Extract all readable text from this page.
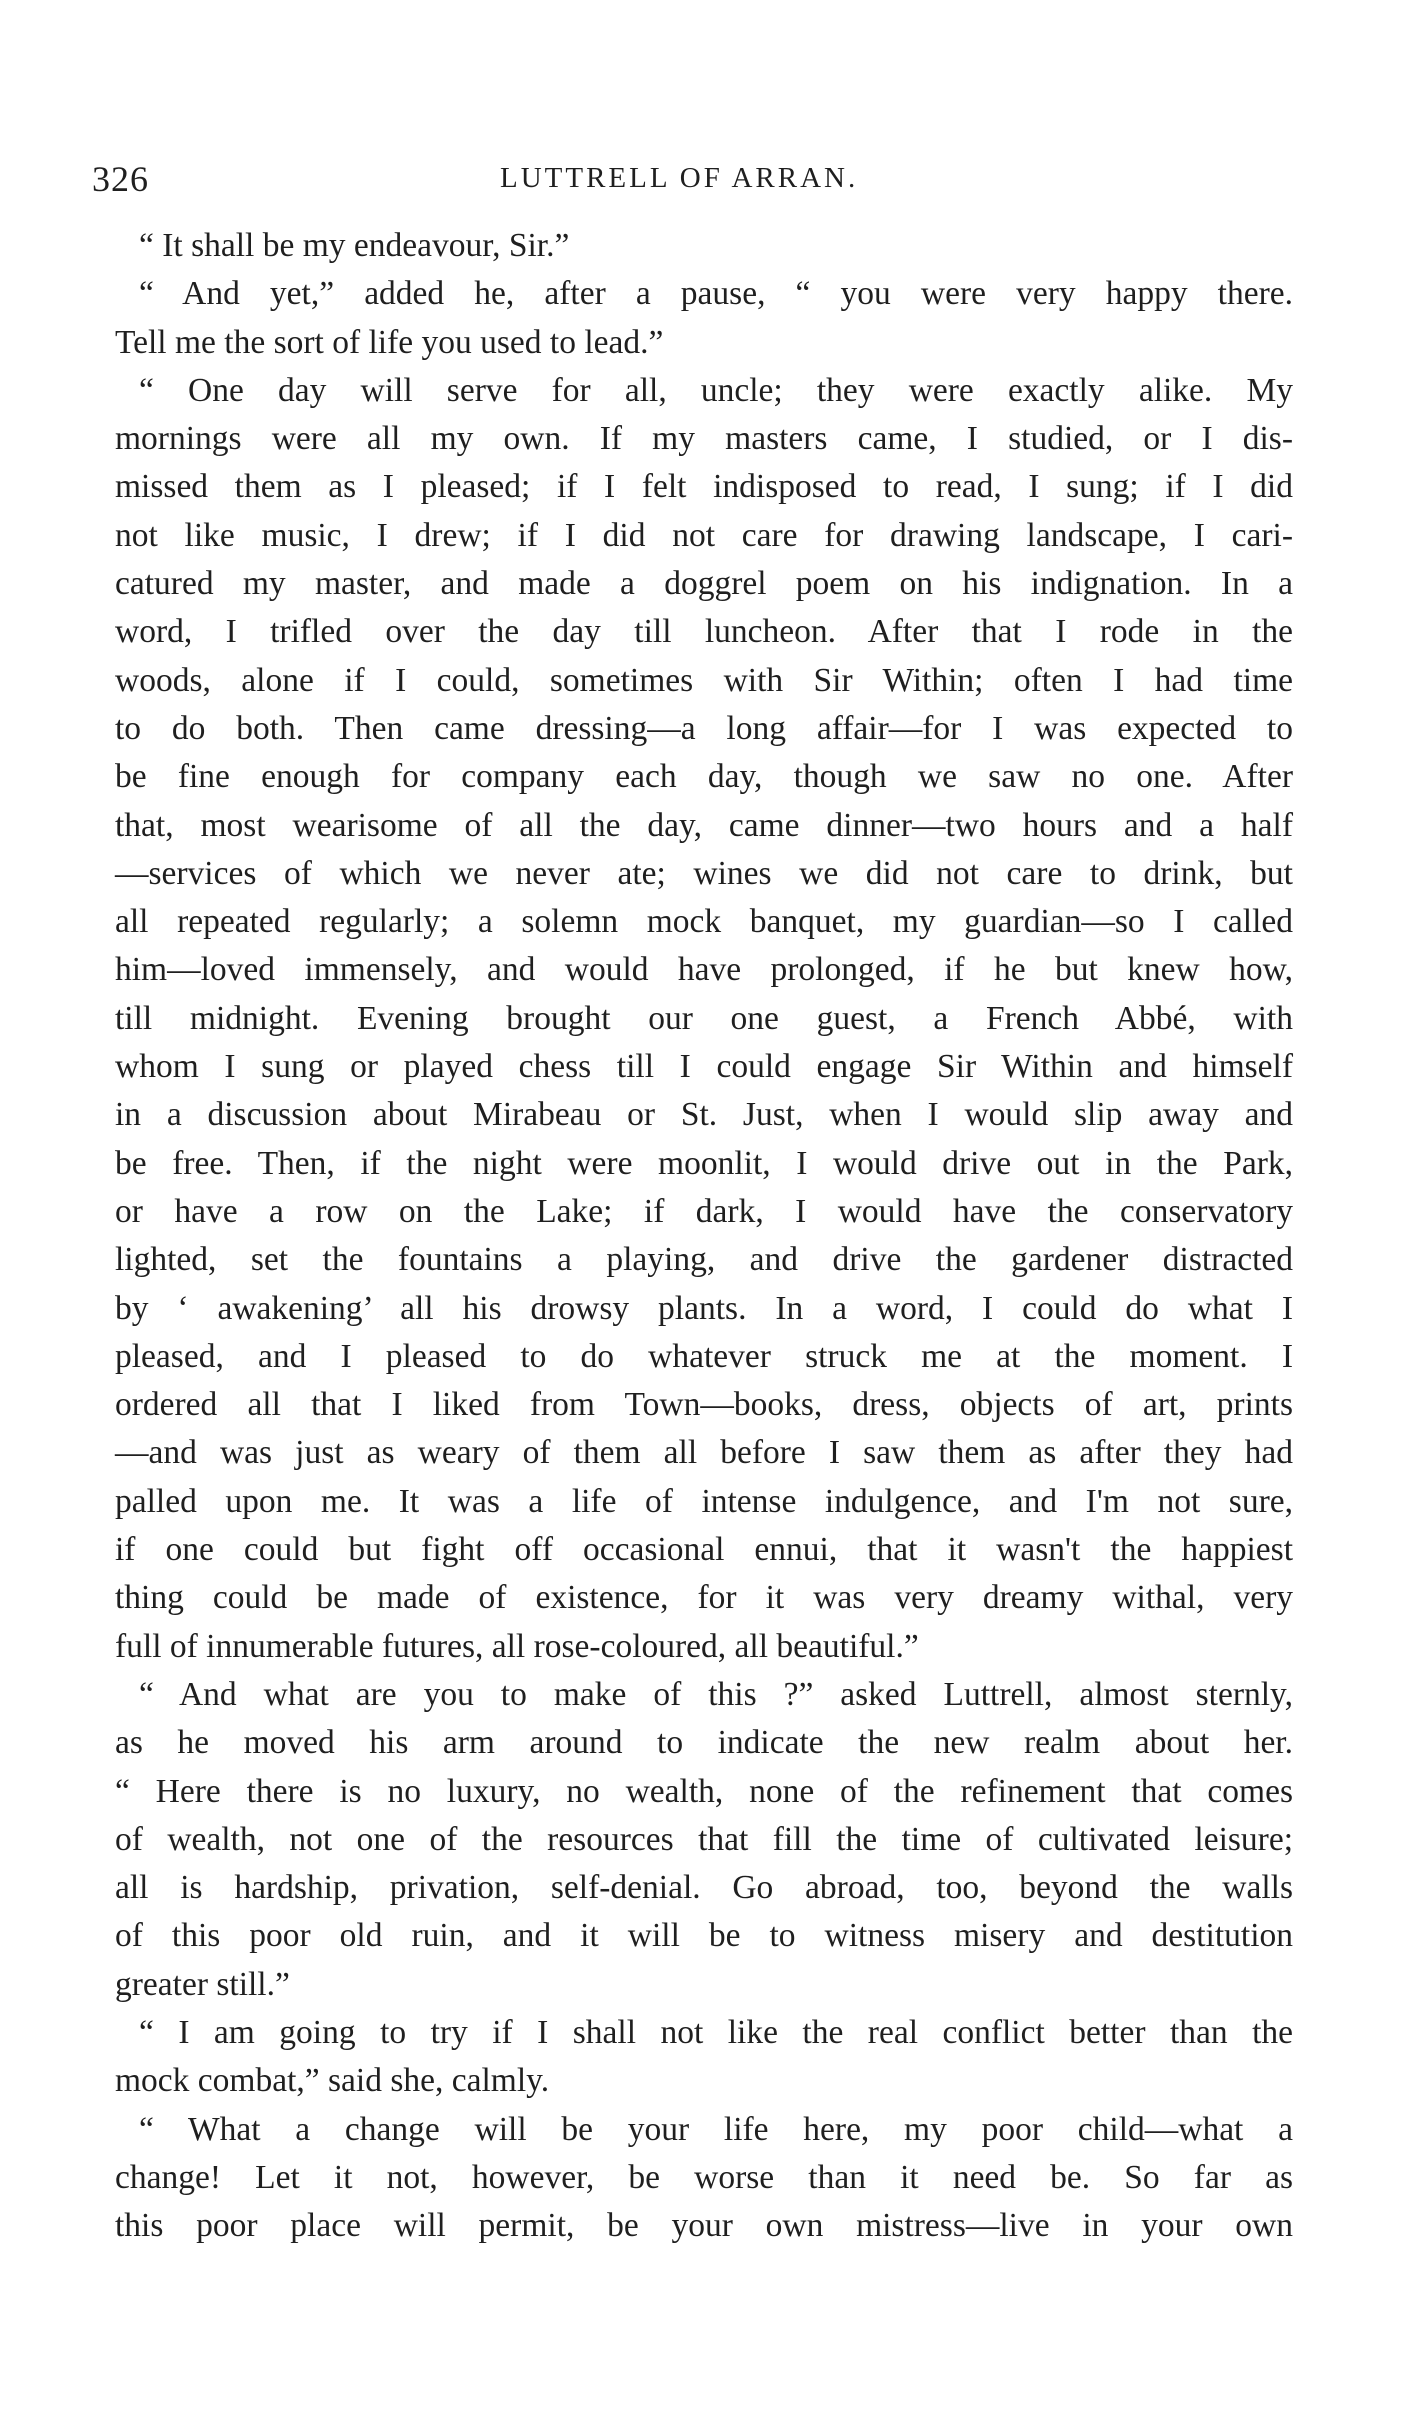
326	LUTTRELL OF ARRAN.
“ It shall be my endeavour, Sir.”
“ And yet,” added he, after a pause, “ you were very happy there.
Tell me the sort of life you used to lead.”
“ One day will serve for all, uncle; they were exactly alike. My
mornings were all my own. If my masters came, I studied, or I dis-
missed them as I pleased; if I felt indisposed to read, I sung; if I did
not like music, I drew; if I did not care for drawing landscape, I cari-
catured my master, and made a doggrel poem on his indignation. In a
word, I trifled over the day till luncheon. After that I rode in the
woods, alone if I could, sometimes with Sir Within; often I had time
to do both. Then came dressing—a long affair—for I was expected to
be fine enough for company each day, though we saw no one. After
that, most wearisome of all the day, came dinner—two hours and a half
—services of which we never ate; wines we did not care to drink, but
all repeated regularly; a solemn mock banquet, my guardian—so I called
him—loved immensely, and would have prolonged, if he but knew how,
till midnight. Evening brought our one guest, a French Abbé, with
whom I sung or played chess till I could engage Sir Within and himself
in a discussion about Mirabeau or St. Just, when I would slip away and
be free. Then, if the night were moonlit, I would drive out in the Park,
or have a row on the Lake; if dark, I would have the conservatory
lighted, set the fountains a playing, and drive the gardener distracted
by ‘ awakening’ all his drowsy plants. In a word, I could do what I
pleased, and I pleased to do whatever struck me at the moment. I
ordered all that I liked from Town—books, dress, objects of art, prints
—and was just as weary of them all before I saw them as after they had
palled upon me. It was a life of intense indulgence, and I'm not sure,
if one could but fight off occasional ennui, that it wasn't the happiest
thing could be made of existence, for it was very dreamy withal, very
full of innumerable futures, all rose-coloured, all beautiful.”
“ And what are you to make of this ?” asked Luttrell, almost sternly,
as he moved his arm around to indicate the new realm about her.
“ Here there is no luxury, no wealth, none of the refinement that comes
of wealth, not one of the resources that fill the time of cultivated leisure;
all is hardship, privation, self-denial. Go abroad, too, beyond the walls
of this poor old ruin, and it will be to witness misery and destitution
greater still.”
“ I am going to try if I shall not like the real conflict better than the
mock combat,” said she, calmly.
“ What a change will be your life here, my poor child—what a
change! Let it not, however, be worse than it need be. So far as
this poor place will permit, be your own mistress—live in your own
